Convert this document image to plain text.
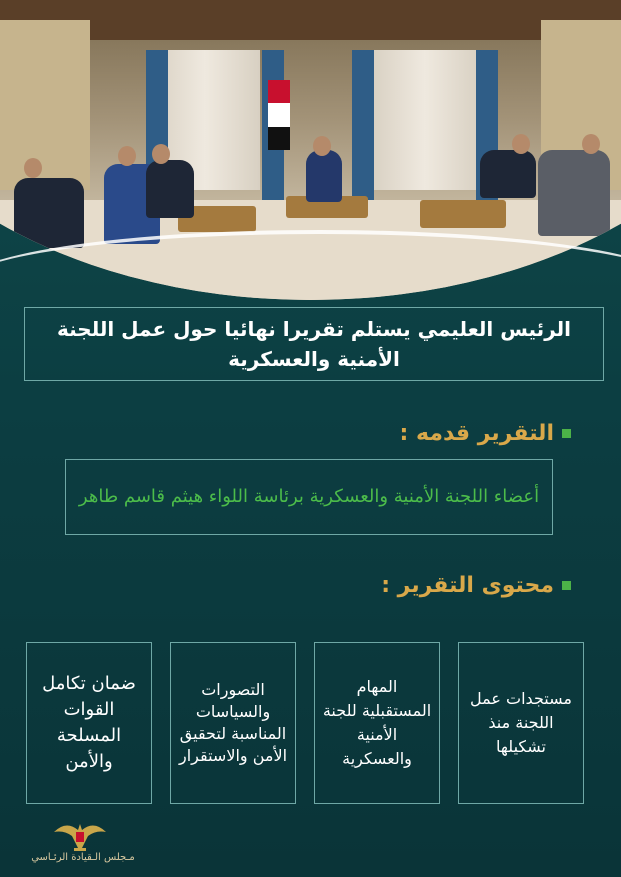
الرئيس العليمي يستلم تقريرا نهائيا حول عمل اللجنة الأمنية والعسكرية
التقرير قدمه :
أعضاء اللجنة الأمنية والعسكرية برئاسة اللواء هيثم قاسم طاهر
محتوى التقرير :
مستجدات عمل اللجنة منذ تشكيلها
المهام المستقبلية للجنة الأمنية والعسكرية
التصورات والسياسات المناسبة لتحقيق الأمن والاستقرار
ضمان تكامل القوات المسلحة والأمن
مـجلس الـقيادة الرئـاسي
